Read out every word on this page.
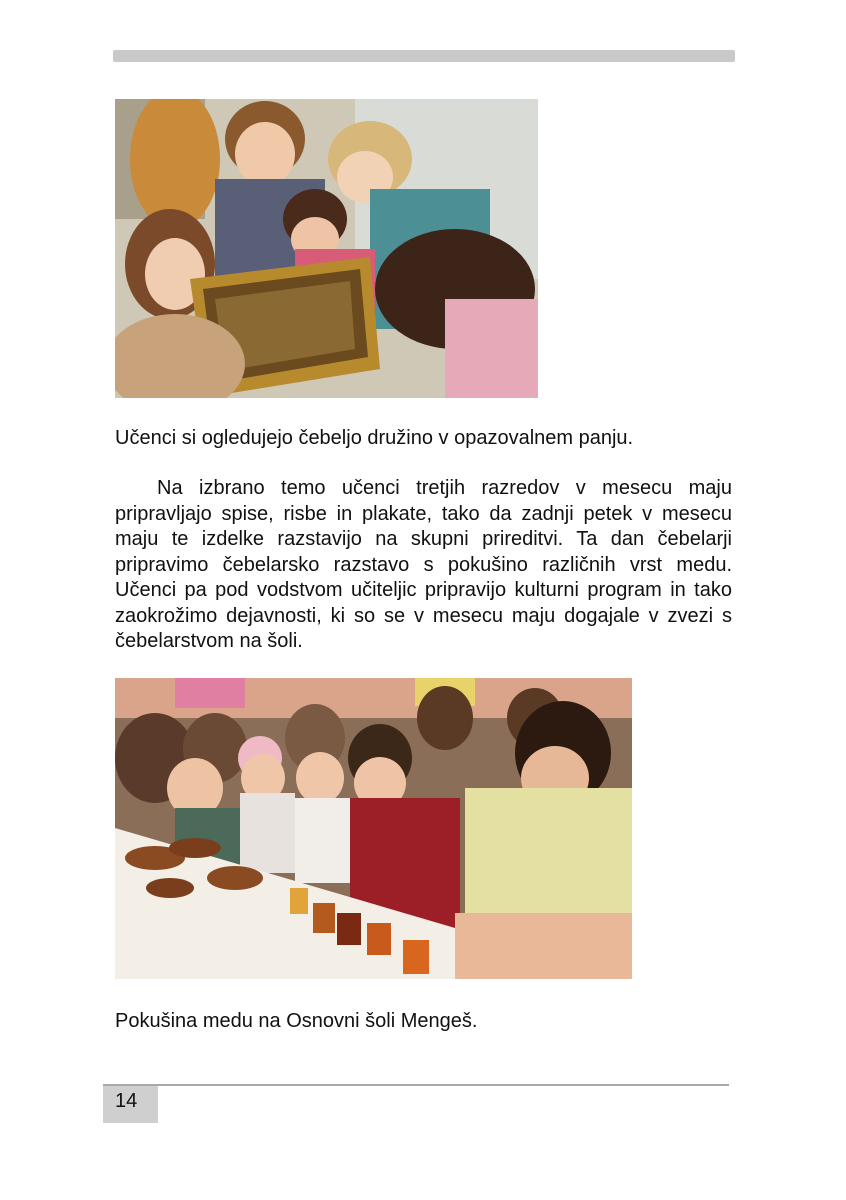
Učenci si ogledujejo čebeljo družino v opazovalnem panju.

Na izbrano temo učenci tretjih razredov v mesecu maju pripravljajo spise, risbe in plakate, tako da zadnji petek v mesecu maju te izdelke razstavijo na skupni prireditvi. Ta dan čebelarji pripravimo čebelarsko razstavo s pokušino različnih vrst medu. Učenci pa pod vodstvom učiteljic pripravijo kulturni program in tako zaokrožimo dejavnosti, ki so se v mesecu maju dogajale v zvezi s čebelarstvom na šoli.

Pokušina medu na Osnovni šoli Mengeš.
14
